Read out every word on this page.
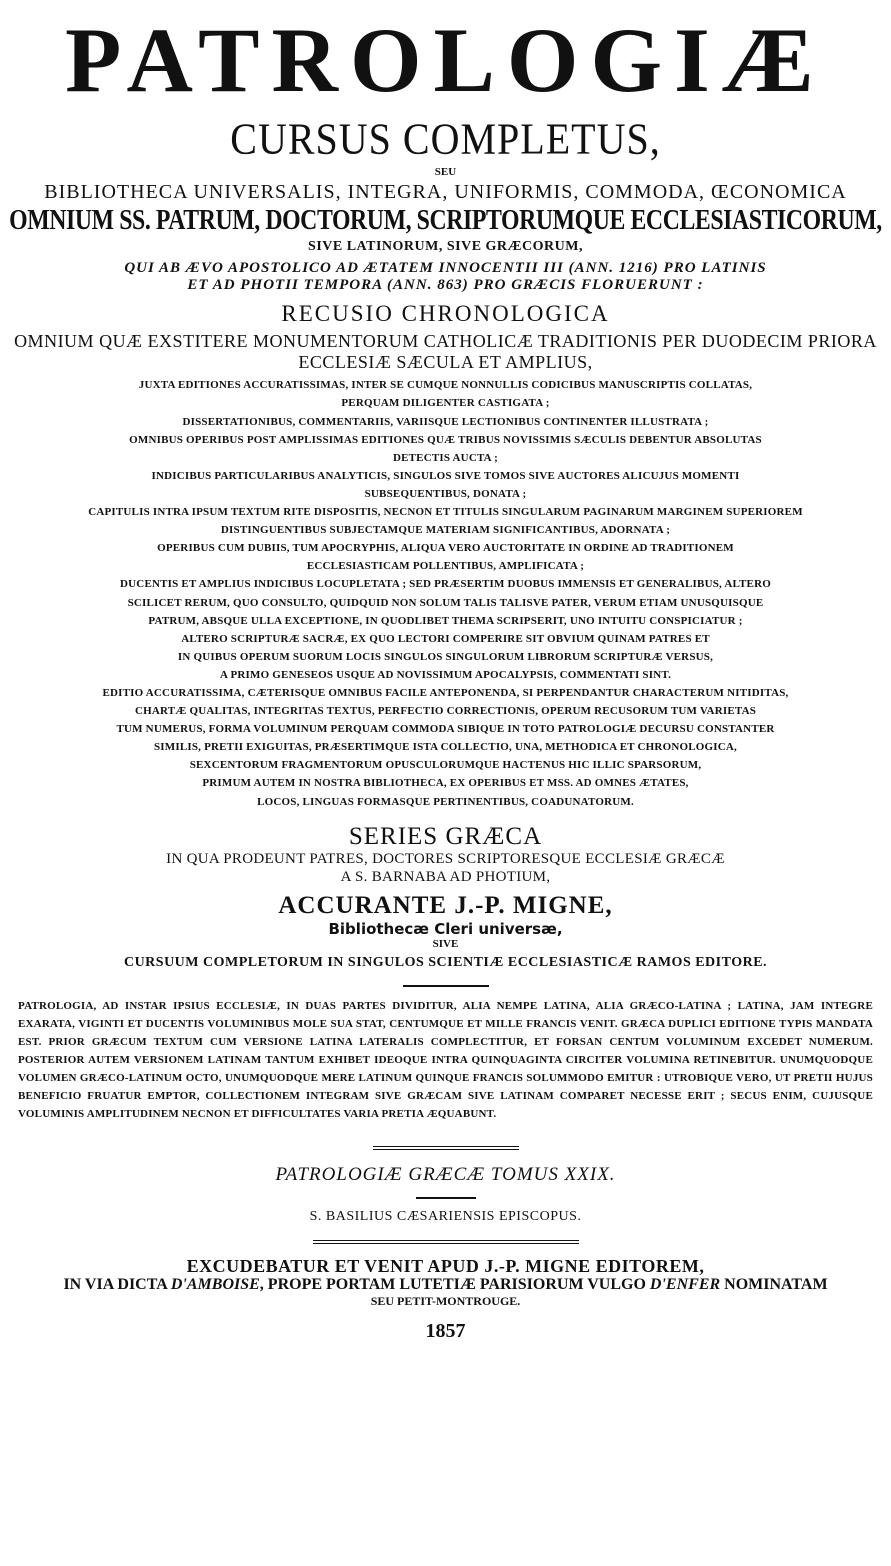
PATROLOGIÆ
CURSUS COMPLETUS,
SEU
BIBLIOTHECA UNIVERSALIS, INTEGRA, UNIFORMIS, COMMODA, ŒCONOMICA
OMNIUM SS. PATRUM, DOCTORUM, SCRIPTORUMQUE ECCLESIASTICORUM,
SIVE LATINORUM, SIVE GRÆCORUM,
QUI AB ÆVO APOSTOLICO AD ÆTATEM INNOCENTII III (ANN. 1216) PRO LATINIS
ET AD PHOTII TEMPORA (ANN. 863) PRO GRÆCIS FLORUERUNT :
RECUSIO CHRONOLOGICA
OMNIUM QUÆ EXSTITERE MONUMENTORUM CATHOLICÆ TRADITIONIS PER DUODECIM PRIORA
ECCLESIÆ SÆCULA ET AMPLIUS,
JUXTA EDITIONES ACCURATISSIMAS, INTER SE CUMQUE NONNULLIS CODICIBUS MANUSCRIPTIS COLLATAS,
PERQUAM DILIGENTER CASTIGATA ;
DISSERTATIONIBUS, COMMENTARIIS, VARIISQUE LECTIONIBUS CONTINENTER ILLUSTRATA ;
OMNIBUS OPERIBUS POST AMPLISSIMAS EDITIONES QUÆ TRIBUS NOVISSIMIS SÆCULIS DEBENTUR ABSOLUTAS
DETECTIS AUCTA ;
INDICIBUS PARTICULARIBUS ANALYTICIS, SINGULOS SIVE TOMOS SIVE AUCTORES ALICUJUS MOMENTI
SUBSEQUENTIBUS, DONATA ;
CAPITULIS INTRA IPSUM TEXTUM RITE DISPOSITIS, NECNON ET TITULIS SINGULARUM PAGINARUM MARGINEM SUPERIOREM
DISTINGUENTIBUS SUBJECTAMQUE MATERIAM SIGNIFICANTIBUS, ADORNATA ;
OPERIBUS CUM DUBIIS, TUM APOCRYPHIS, ALIQUA VERO AUCTORITATE IN ORDINE AD TRADITIONEM
ECCLESIASTICAM POLLENTIBUS, AMPLIFICATA ;
DUCENTIS ET AMPLIUS INDICIBUS LOCUPLETATA ; SED PRÆSERTIM DUOBUS IMMENSIS ET GENERALIBUS, ALTERO
SCILICET RERUM, QUO CONSULTO, QUIDQUID NON SOLUM TALIS TALISVE PATER, VERUM ETIAM UNUSQUISQUE
PATRUM, ABSQUE ULLA EXCEPTIONE, IN QUODLIBET THEMA SCRIPSERIT, UNO INTUITU CONSPICIATUR ;
ALTERO SCRIPTURÆ SACRÆ, EX QUO LECTORI COMPERIRE SIT OBVIUM QUINAM PATRES ET
IN QUIBUS OPERUM SUORUM LOCIS SINGULOS SINGULORUM LIBRORUM SCRIPTURÆ VERSUS,
A PRIMO GENESEOS USQUE AD NOVISSIMUM APOCALYPSIS, COMMENTATI SINT.
EDITIO ACCURATISSIMA, CÆTERISQUE OMNIBUS FACILE ANTEPONENDA, SI PERPENDANTUR CHARACTERUM NITIDITAS,
CHARTÆ QUALITAS, INTEGRITAS TEXTUS, PERFECTIO CORRECTIONIS, OPERUM RECUSORUM TUM VARIETAS
TUM NUMERUS, FORMA VOLUMINUM PERQUAM COMMODA SIBIQUE IN TOTO PATROLOGIÆ DECURSU CONSTANTER
SIMILIS, PRETII EXIGUITAS, PRÆSERTIMQUE ISTA COLLECTIO, UNA, METHODICA ET CHRONOLOGICA,
SEXCENTORUM FRAGMENTORUM OPUSCULORUMQUE HACTENUS HIC ILLIC SPARSORUM,
PRIMUM AUTEM IN NOSTRA BIBLIOTHECA, EX OPERIBUS ET MSS. AD OMNES ÆTATES,
LOCOS, LINGUAS FORMASQUE PERTINENTIBUS, COADUNATORUM.
SERIES GRÆCA
IN QUA PRODEUNT PATRES, DOCTORES SCRIPTORESQUE ECCLESIÆ GRÆCÆ
A S. BARNABA AD PHOTIUM,
ACCURANTE J.-P. MIGNE,
Bibliothecæ Cleri universæ,
SIVE
CURSUUM COMPLETORUM IN SINGULOS SCIENTIÆ ECCLESIASTICÆ RAMOS EDITORE.
PATROLOGIA, AD INSTAR IPSIUS ECCLESIÆ, IN DUAS PARTES DIVIDITUR, ALIA NEMPE LATINA, ALIA GRÆCO-LATINA ; LATINA, JAM INTEGRE EXARATA, VIGINTI ET DUCENTIS VOLUMINIBUS MOLE SUA STAT, CENTUMQUE ET MILLE FRANCIS VENIT. GRÆCA DUPLICI EDITIONE TYPIS MANDATA EST. PRIOR GRÆCUM TEXTUM CUM VERSIONE LATINA LATERALIS COMPLECTITUR, ET FORSAN CENTUM VOLUMINUM EXCEDET NUMERUM. POSTERIOR AUTEM VERSIONEM LATINAM TANTUM EXHIBET IDEOQUE INTRA QUINQUAGINTA CIRCITER VOLUMINA RETINEBITUR. UNUMQUODQUE VOLUMEN GRÆCO-LATINUM OCTO, UNUMQUODQUE MERE LATINUM QUINQUE FRANCIS SOLUMMODO EMITUR : UTROBIQUE VERO, UT PRETII HUJUS BENEFICIO FRUATUR EMPTOR, COLLECTIONEM INTEGRAM SIVE GRÆCAM SIVE LATINAM COMPARET NECESSE ERIT ; SECUS ENIM, CUJUSQUE VOLUMINIS AMPLITUDINEM NECNON ET DIFFICULTATES VARIA PRETIA ÆQUABUNT.
PATROLOGIÆ GRÆCÆ TOMUS XXIX.
S. BASILIUS CÆSARIENSIS EPISCOPUS.
EXCUDEBATUR ET VENIT APUD J.-P. MIGNE EDITOREM,
IN VIA DICTA D'AMBOISE, PROPE PORTAM LUTETIÆ PARISIORUM VULGO D'ENFER NOMINATAM
SEU PETIT-MONTROUGE.
1857
